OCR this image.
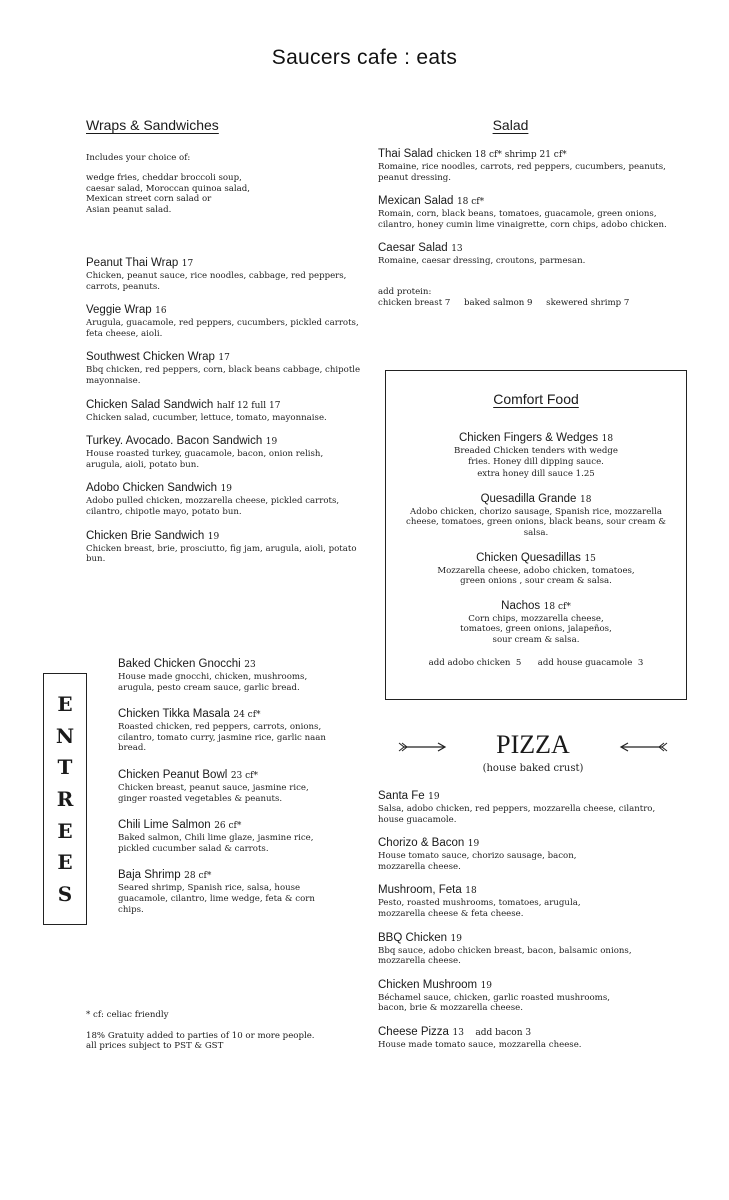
Saucers cafe : eats
Wraps & Sandwiches
Includes your choice of:
wedge fries, cheddar broccoli soup,
caesar salad, Moroccan quinoa salad,
Mexican street corn salad or
Asian peanut salad.
Peanut Thai Wrap 17
Chicken, peanut sauce, rice noodles, cabbage, red peppers, carrots, peanuts.
Veggie Wrap 16
Arugula, guacamole, red peppers, cucumbers, pickled carrots, feta cheese, aioli.
Southwest Chicken Wrap 17
Bbq chicken, red peppers, corn, black beans cabbage, chipotle mayonnaise.
Chicken Salad Sandwich half 12 full 17
Chicken salad, cucumber, lettuce, tomato, mayonnaise.
Turkey. Avocado. Bacon Sandwich 19
House roasted turkey, guacamole, bacon, onion relish, arugula, aioli, potato bun.
Adobo Chicken Sandwich 19
Adobo pulled chicken, mozzarella cheese, pickled carrots, cilantro, chipotle mayo, potato bun.
Chicken Brie Sandwich 19
Chicken breast, brie, prosciutto, fig jam, arugula, aioli, potato bun.
Salad
Thai Salad chicken 18 cf* shrimp 21 cf*
Romaine, rice noodles, carrots, red peppers, cucumbers, peanuts, peanut dressing.
Mexican Salad 18 cf*
Romain, corn, black beans, tomatoes, guacamole, green onions, cilantro, honey cumin lime vinaigrette, corn chips, adobo chicken.
Caesar Salad 13
Romaine, caesar dressing, croutons, parmesan.
add protein:
chicken breast 7     baked salmon 9     skewered shrimp 7
Comfort Food
Chicken Fingers & Wedges 18
Breaded Chicken tenders with wedge fries. Honey dill dipping sauce.
extra honey dill sauce 1.25
Quesadilla Grande 18
Adobo chicken, chorizo sausage, Spanish rice, mozzarella cheese, tomatoes, green onions, black beans, sour cream & salsa.
Chicken Quesadillas 15
Mozzarella cheese, adobo chicken, tomatoes, green onions , sour cream & salsa.
Nachos 18 cf*
Corn chips, mozzarella cheese, tomatoes, green onions, jalapeños, sour cream & salsa.
add adobo chicken  5      add house guacamole  3
E
N
T
R
E
E
S
Baked Chicken Gnocchi 23
House made gnocchi, chicken, mushrooms, arugula, pesto cream sauce, garlic bread.
Chicken Tikka Masala 24 cf*
Roasted chicken, red peppers, carrots, onions, cilantro, tomato curry, jasmine rice, garlic naan bread.
Chicken Peanut Bowl 23 cf*
Chicken breast, peanut sauce, jasmine rice, ginger roasted vegetables & peanuts.
Chili Lime Salmon 26 cf*
Baked salmon, Chili lime glaze, jasmine rice, pickled cucumber salad & carrots.
Baja Shrimp 28 cf*
Seared shrimp, Spanish rice, salsa, house guacamole, cilantro, lime wedge, feta & corn chips.
PIZZA
(house baked crust)
Santa Fe 19
Salsa, adobo chicken, red peppers, mozzarella cheese, cilantro, house guacamole.
Chorizo & Bacon 19
House tomato sauce, chorizo sausage, bacon, mozzarella cheese.
Mushroom, Feta 18
Pesto, roasted mushrooms, tomatoes, arugula, mozzarella cheese & feta cheese.
BBQ Chicken 19
Bbq sauce, adobo chicken breast, bacon, balsamic onions, mozzarella cheese.
Chicken Mushroom 19
Béchamel sauce, chicken, garlic roasted mushrooms, bacon, brie & mozzarella cheese.
Cheese Pizza 13    add bacon 3
House made tomato sauce, mozzarella cheese.
* cf: celiac friendly
18% Gratuity added to parties of 10 or more people.
all prices subject to PST & GST
